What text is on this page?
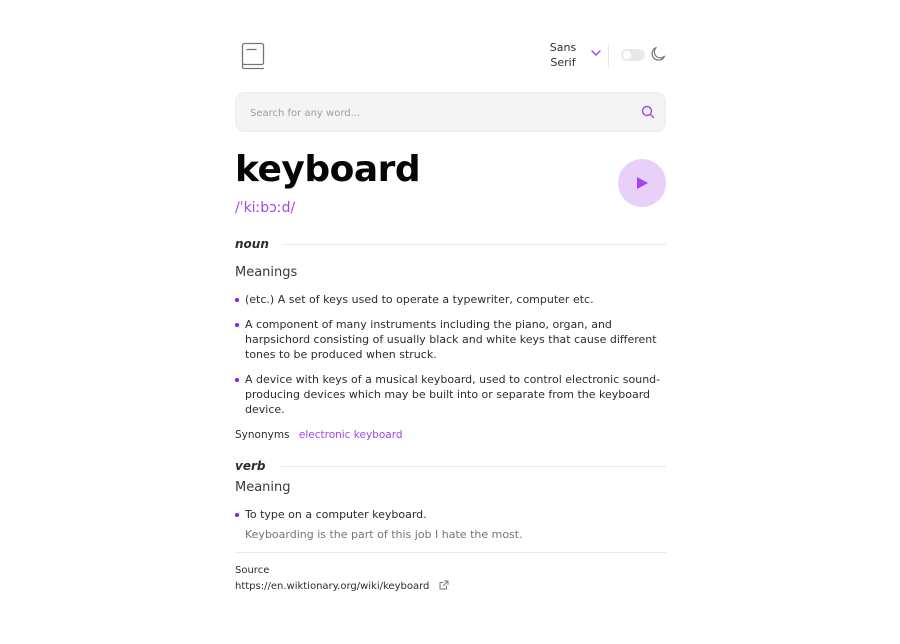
Sans
Serif
Search for any word...
keyboard
/ˈkiːbɔːd/
noun
Meanings
(etc.) A set of keys used to operate a typewriter, computer etc.
A component of many instruments including the piano, organ, and harpsichord consisting of usually black and white keys that cause different tones to be produced when struck.
A device with keys of a musical keyboard, used to control electronic sound-producing devices which may be built into or separate from the keyboard device.
Synonyms electronic keyboard
verb
Meaning
To type on a computer keyboard.
Keyboarding is the part of this job I hate the most.
Source
https://en.wiktionary.org/wiki/keyboard
